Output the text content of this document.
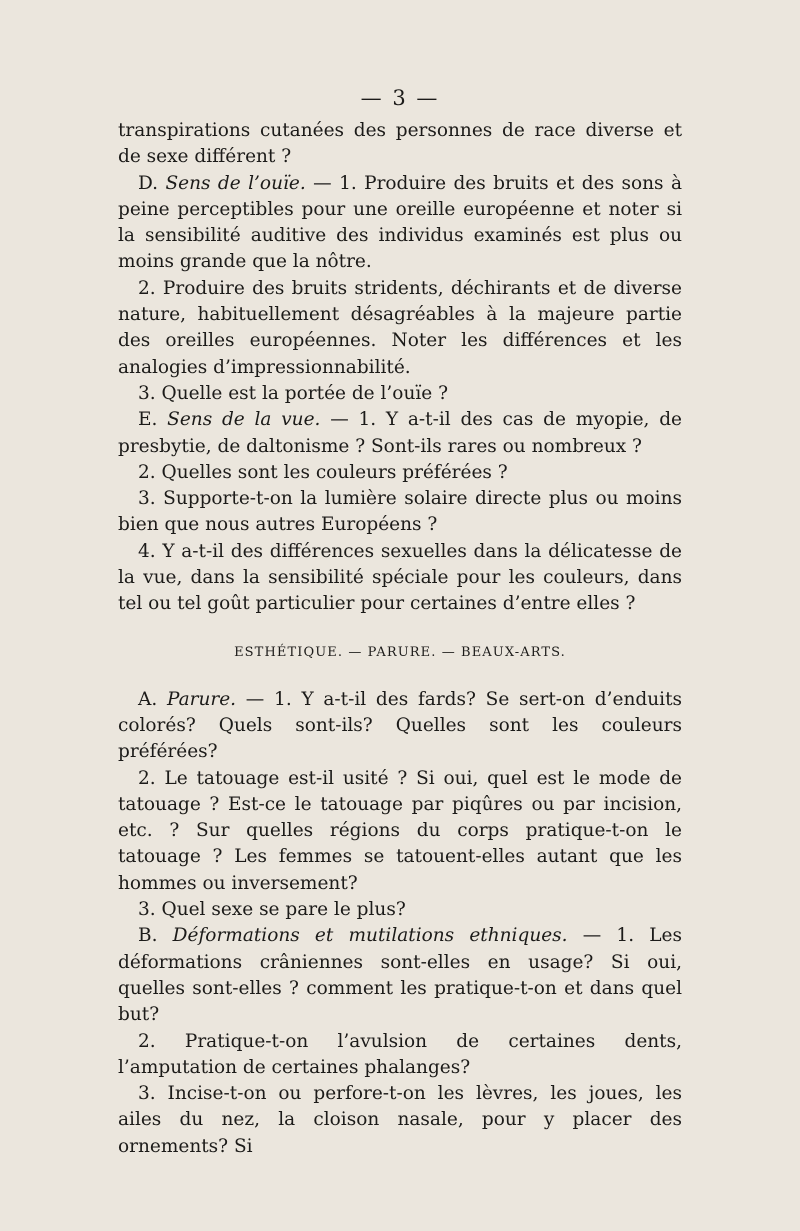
— 3 —

transpirations cutanées des personnes de race diverse et de sexe différent ?

D. Sens de l’ouïe. — 1. Produire des bruits et des sons à peine perceptibles pour une oreille européenne et noter si la sensibilité auditive des individus examinés est plus ou moins grande que la nôtre.

2. Produire des bruits stridents, déchirants et de diverse nature, habituellement désagréables à la majeure partie des oreilles européennes. Noter les différences et les analogies d’impressionnabilité.

3. Quelle est la portée de l’ouïe ?

E. Sens de la vue. — 1. Y a-t-il des cas de myopie, de presbytie, de daltonisme ? Sont-ils rares ou nombreux ?

2. Quelles sont les couleurs préférées ?

3. Supporte-t-on la lumière solaire directe plus ou moins bien que nous autres Européens ?

4. Y a-t-il des différences sexuelles dans la délicatesse de la vue, dans la sensibilité spéciale pour les couleurs, dans tel ou tel goût particulier pour certaines d’entre elles ?

ESTHÉTIQUE. — PARURE. — BEAUX-ARTS.

A. Parure. — 1. Y a-t-il des fards? Se sert-on d’enduits colorés? Quels sont-ils? Quelles sont les couleurs préférées?

2. Le tatouage est-il usité ? Si oui, quel est le mode de tatouage ? Est-ce le tatouage par piqûres ou par incision, etc. ? Sur quelles régions du corps pratique-t-on le tatouage ? Les femmes se tatouent-elles autant que les hommes ou inversement?

3. Quel sexe se pare le plus?

B. Déformations et mutilations ethniques. — 1. Les déformations crâniennes sont-elles en usage? Si oui, quelles sont-elles ? comment les pratique-t-on et dans quel but?

2. Pratique-t-on l’avulsion de certaines dents, l’amputation de certaines phalanges?

3. Incise-t-on ou perfore-t-on les lèvres, les joues, les ailes du nez, la cloison nasale, pour y placer des ornements? Si
